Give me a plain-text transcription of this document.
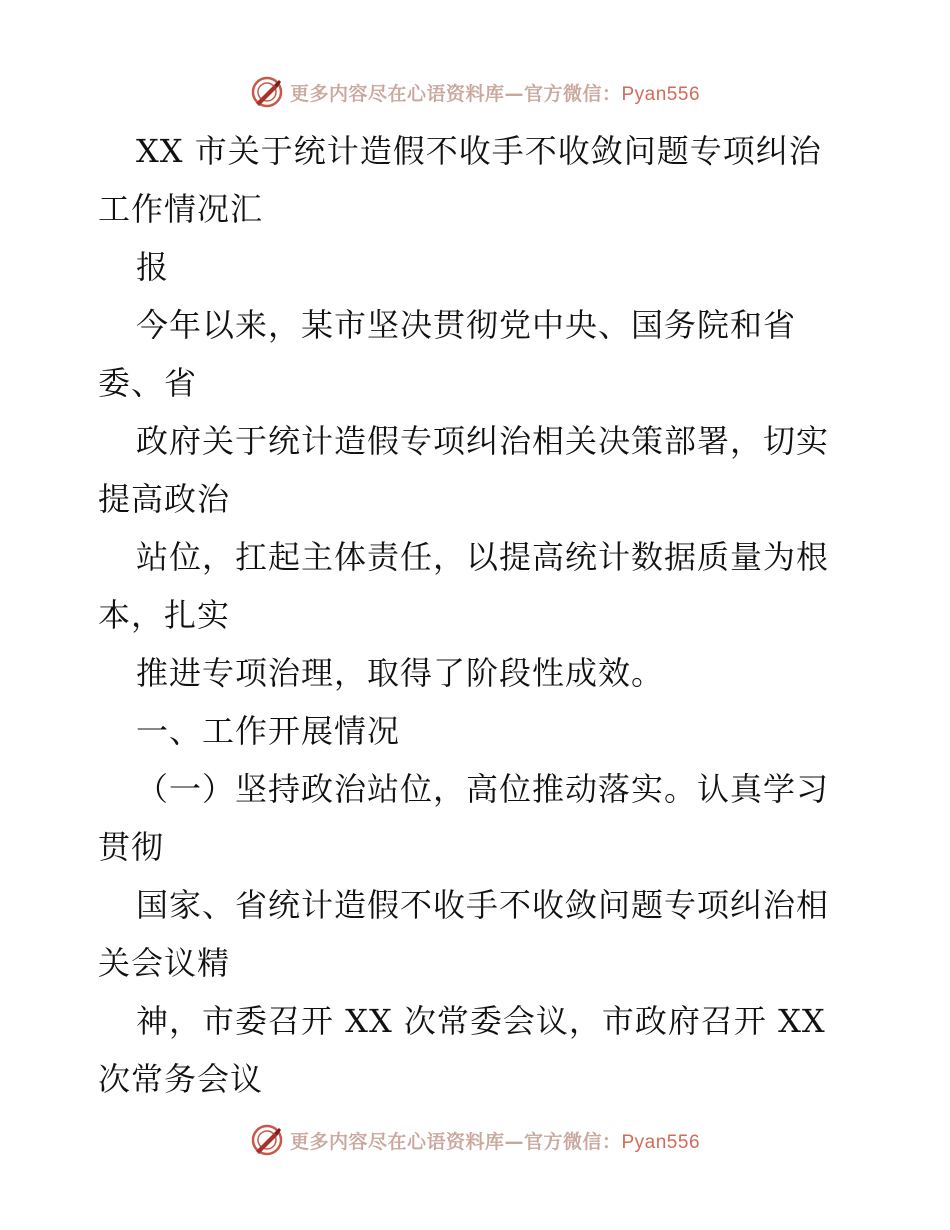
更多内容尽在心语资料库—官方微信：Pyan556
XX 市关于统计造假不收手不收敛问题专项纠治
工作情况汇
报
今年以来，某市坚决贯彻党中央、国务院和省
委、省
政府关于统计造假专项纠治相关决策部署，切实
提高政治
站位，扛起主体责任，以提高统计数据质量为根
本，扎实
推进专项治理，取得了阶段性成效。
一、工作开展情况
（一）坚持政治站位，高位推动落实。认真学习
贯彻
国家、省统计造假不收手不收敛问题专项纠治相
关会议精
神，市委召开 XX 次常委会议，市政府召开 XX
次常务会议
更多内容尽在心语资料库—官方微信：Pyan556
